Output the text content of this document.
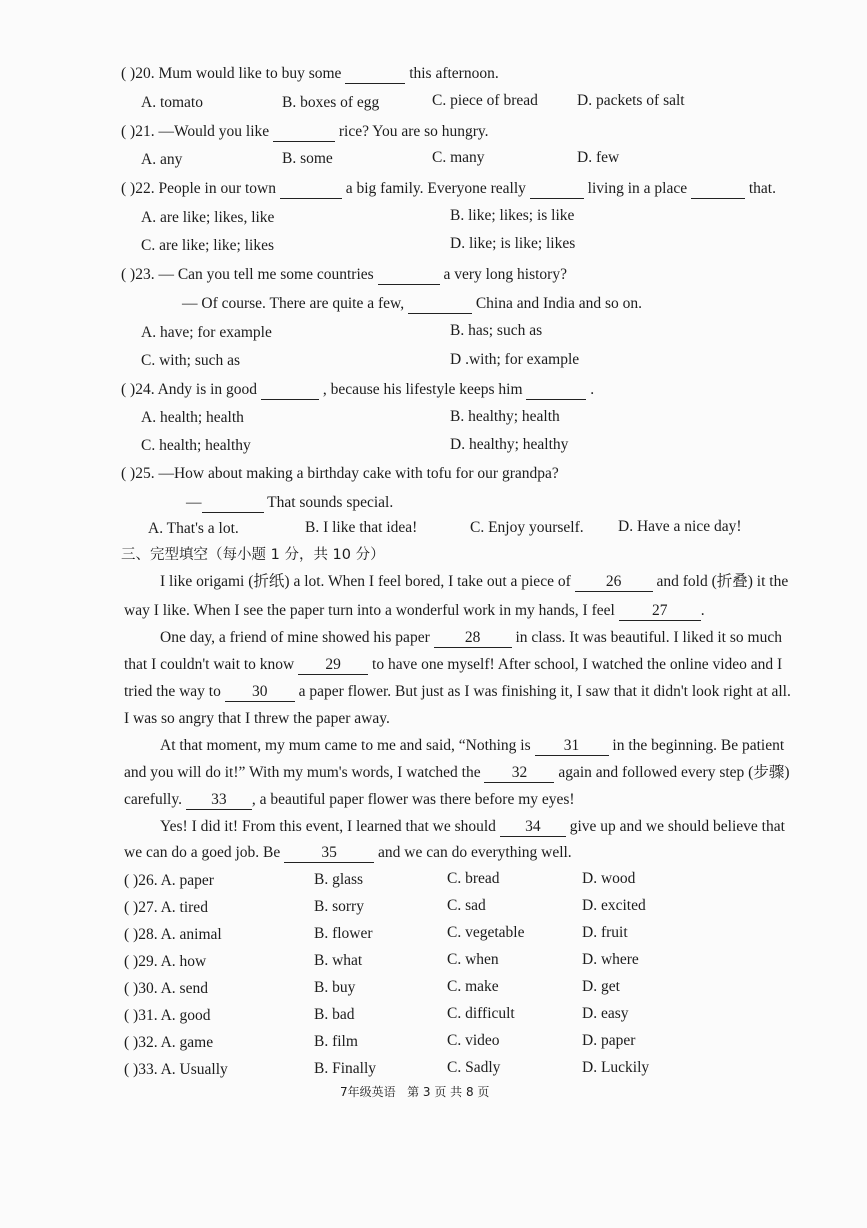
( )20. Mum would like to buy some	this afternoon.
A. tomato	B. boxes of egg	C. piece of bread	D. packets of salt
( )21. —Would you like	rice? You are so hungry.
A. any	B. some	C. many	D. few
( )22. People in our town	a big family. Everyone really	living in a place	that.
A. are like; likes, like	B. like; likes; is like
C. are like; like; likes	D. like; is like; likes
( )23. — Can you tell me some countries	a very long history?
— Of course. There are quite a few,	China and India and so on.
A. have; for example	B. has; such as
C. with; such as	D .with; for example
( )24. Andy is in good	, because his lifestyle keeps him	.
A. health; health	B. healthy; health
C. health; healthy	D. healthy; healthy
( )25. —How about making a birthday cake with tofu for our grandpa?
—	That sounds special.
A. That's a lot.	B. I like that idea!	C. Enjoy yourself. D. Have a nice day!
三、完型填空（每小题 1 分，共 10 分）
I like origami (折纸) a lot. When I feel bored, I take out a piece of 26 and fold (折叠) it the
way I like. When I see the paper turn into a wonderful work in my hands, I feel 27 .
One day, a friend of mine showed his paper 28 in class. It was beautiful. I liked it so much
that I couldn't wait to know 29 to have one myself! After school, I watched the online video and I
tried the way to 30 a paper flower. But just as I was finishing it, I saw that it didn't look right at all.
I was so angry that I threw the paper away.
At that moment, my mum came to me and said, “Nothing is 31 in the beginning. Be patient
and you will do it!” With my mum's words, I watched the 32 again and followed every step (步骤)
carefully. 33 , a beautiful paper flower was there before my eyes!
Yes! I did it! From this event, I learned that we should 34 give up and we should believe that
we can do a goed job. Be	35	and we can do everything well.
( )26. A. paper	B. glass	C. bread	D. wood
( )27. A. tired	B. sorry	C. sad	D. excited
( )28. A. animal	B. flower	C. vegetable	D. fruit
( )29. A. how	B. what	C. when	D. where
( )30. A. send	B. buy	C. make	D. get
( )31. A. good	B. bad	C. difficult	D. easy
( )32. A. game	B. film	C. video	D. paper
( )33. A. Usually	B. Finally	C. Sadly	D. Luckily
7年级英语   第 3 页 共 8 页
